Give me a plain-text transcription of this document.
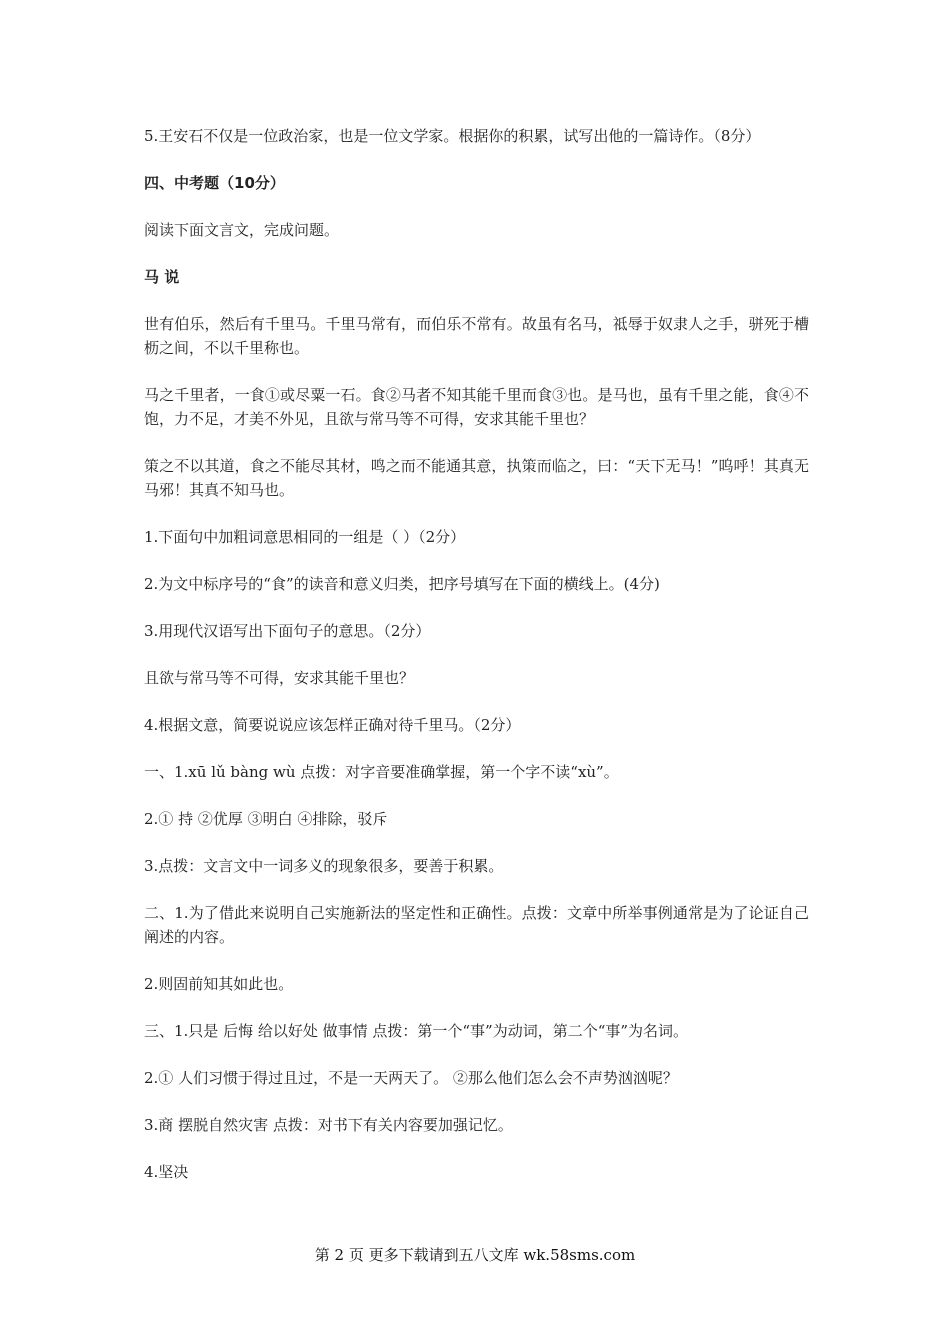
5.王安石不仅是一位政治家，也是一位文学家。根据你的积累，试写出他的一篇诗作。（8分）

四、中考题（10分）

阅读下面文言文，完成问题。

马 说

世有伯乐，然后有千里马。千里马常有，而伯乐不常有。故虽有名马，祗辱于奴隶人之手，骈死于槽枥之间，不以千里称也。

马之千里者，一食①或尽粟一石。食②马者不知其能千里而食③也。是马也，虽有千里之能，食④不饱，力不足，才美不外见，且欲与常马等不可得，安求其能千里也？

策之不以其道，食之不能尽其材，鸣之而不能通其意，执策而临之，曰：“天下无马！”呜呼！其真无马邪！其真不知马也。

1.下面句中加粗词意思相同的一组是（ ）（2分）

2.为文中标序号的“食”的读音和意义归类，把序号填写在下面的横线上。(4分)

3.用现代汉语写出下面句子的意思。（2分）

且欲与常马等不可得，安求其能千里也？

4.根据文意，简要说说应该怎样正确对待千里马。（2分）

一、1.xū lǔ bàng wù 点拨：对字音要准确掌握，第一个字不读“xù”。

2.① 持 ②优厚 ③明白 ④排除，驳斥

3.点拨：文言文中一词多义的现象很多，要善于积累。

二、1.为了借此来说明自己实施新法的坚定性和正确性。点拨：文章中所举事例通常是为了论证自己阐述的内容。

2.则固前知其如此也。

三、1.只是 后悔 给以好处 做事情 点拨：第一个“事”为动词，第二个“事”为名词。

2.① 人们习惯于得过且过，不是一天两天了。 ②那么他们怎么会不声势汹汹呢？

3.商 摆脱自然灾害 点拨：对书下有关内容要加强记忆。

4.坚决

第 2 页 更多下载请到五八文库 wk.58sms.com
